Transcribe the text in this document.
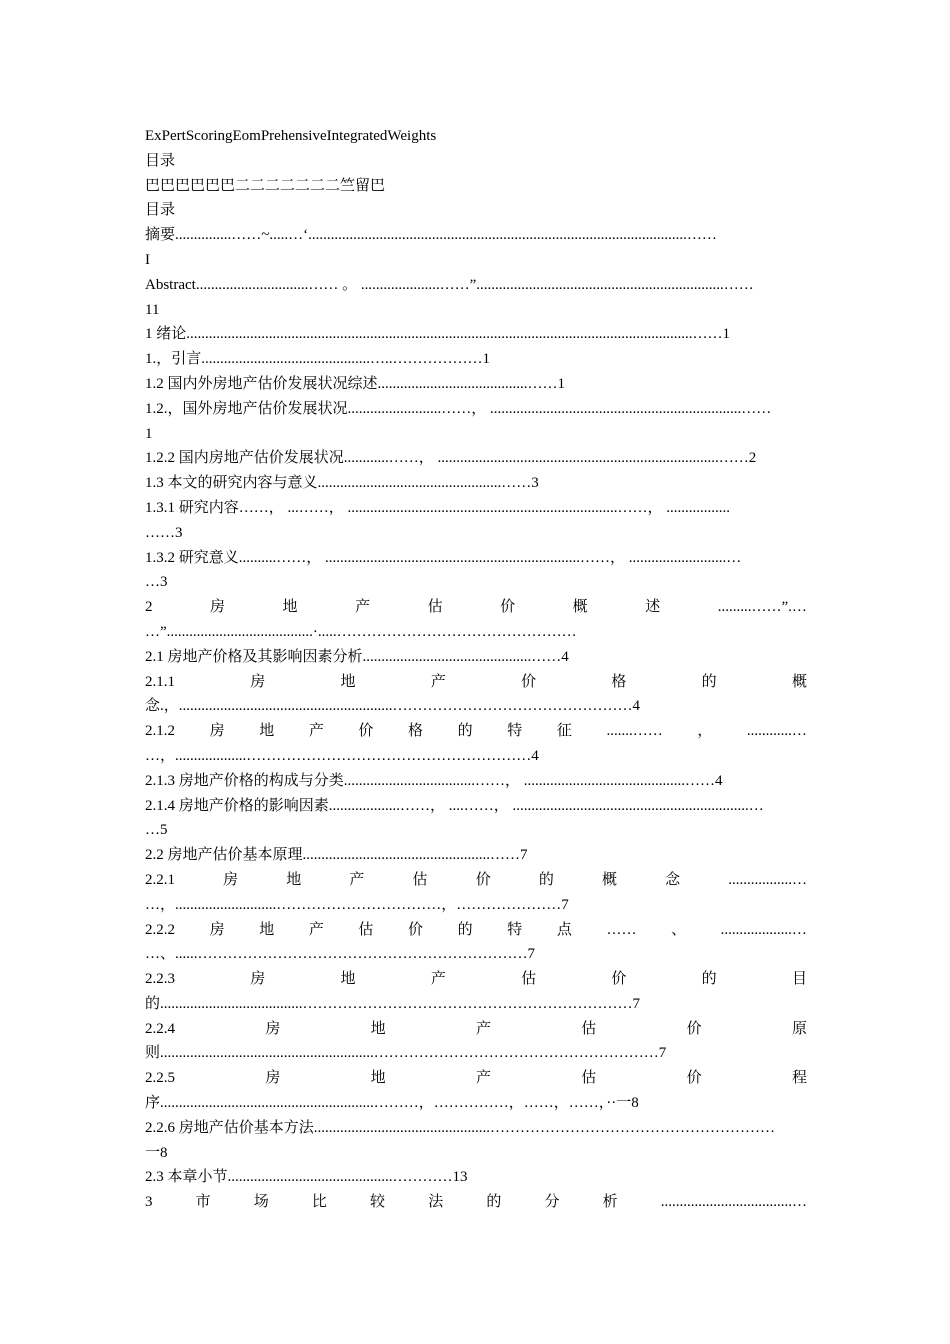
ExPertScoringEomPrehensiveIntegratedWeights
目录
巴巴巴巴巴巴二二二二二二二竺留巴
目录
摘要...............……~.....…‘.....................................................................................................……
I
Abstract..............................…… 。 .....................……”..................................................................……
11
1 绪论.......................................................................................................................................……1
1.，引言.............................................…..………………1
1.2 国内外房地产估价发展状况综述........................................……1
1.2.，国外房地产估价发展状况.........................……， ...................................................................……
1
1.2.2 国内房地产估价发展状况............……， ...........................................................................……2
1.3 本文的研究内容与意义.................................................……3
1.3.1 研究内容……， ...……， ........................................................................……， .................
……3
1.3.2 研究意义..........……， ....................................................................……， ..........................…
…3
2	房	地	产	估	价	概	述	.........……”.…
…”.......................................·.....…………………………………………
2.1 房地产价格及其影响因素分析.............................................……4
2.1.1	房	地	产	价	格	的	概
念.，.........................................................…………………………………………4
2.1.2 房 地 产 价 格 的 特 征 .......…… ， ............…
…，...................…………………………………………………4
2.1.3 房地产价格的构成与分类...................................……， ...........................................……4
2.1.4 房地产价格的影响因素...................……， ....……， ...............................................................…
…5
2.2 房地产估价基本原理..................................................……7
2.2.1	房	地	产	估	价	的	概	念	.................…
…，...........................……………………………，…………………7
2.2.2 房 地 产 估 价 的 特 点 …… 、 ...................…
…、......…………………………………………………………7
2.2.3	房	地	产	估	价	的	目
的......................................…………………………………………………………7
2.2.4	房	地	产	估	价	原
则.........................................................…………………………………………………7
2.2.5	房	地	产	估	价	程
序.........................................................………，……………，……，……，··一8
2.2.6 房地产估价基本方法...............................................…………………………………………………
一8
2.3 本章小节............................................…………13
3	市	场	比	较	法	的	分	析	...................................…
